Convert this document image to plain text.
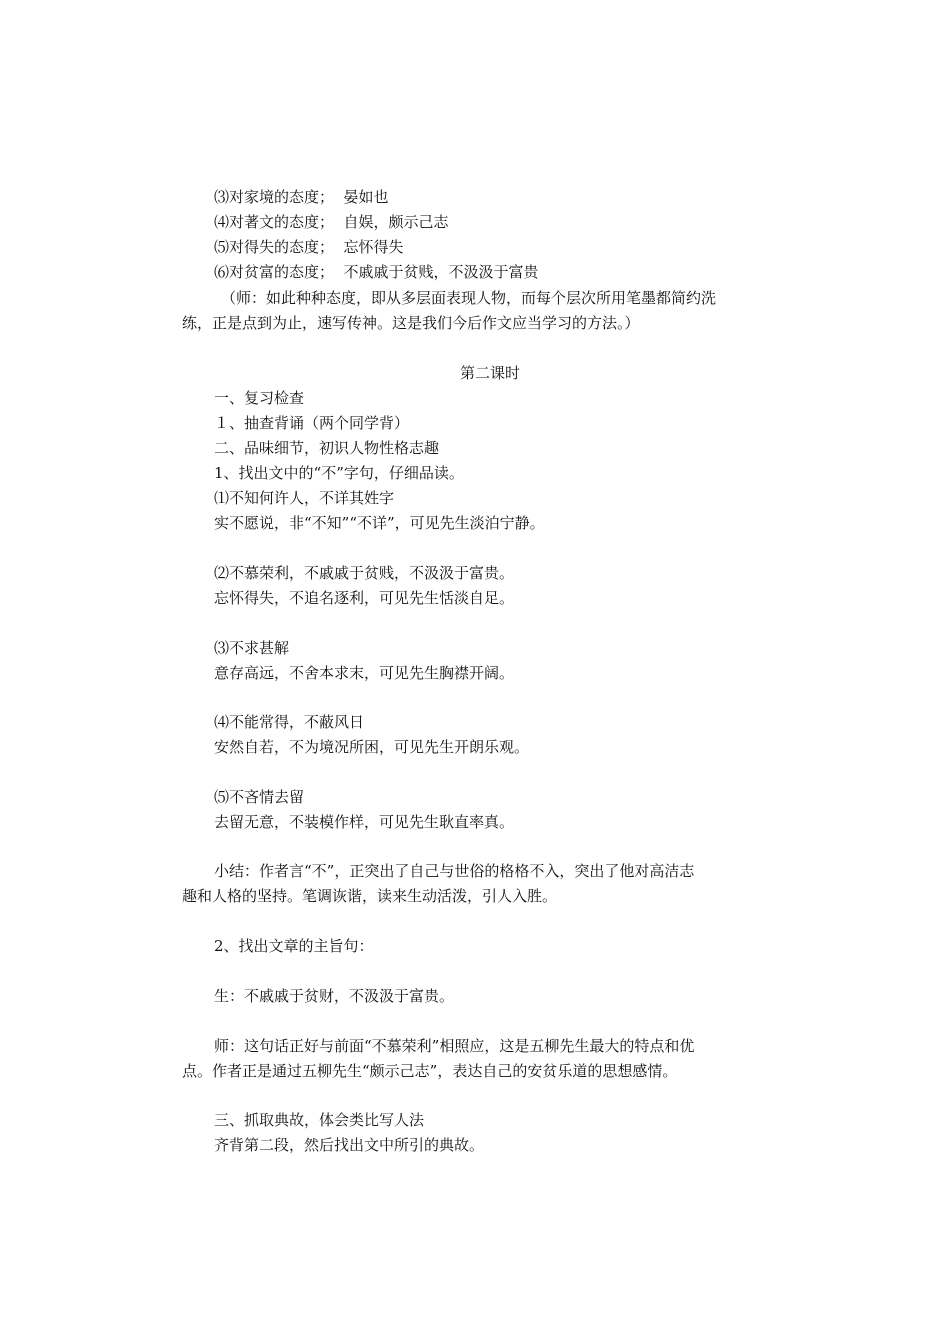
⑶对家境的态度；  晏如也
⑷对著文的态度；  自娱，颇示己志
⑸对得失的态度；  忘怀得失
⑹对贫富的态度；  不戚戚于贫贱，不汲汲于富贵
（师：如此种种态度，即从多层面表现人物，而每个层次所用笔墨都简约洗
练，正是点到为止，速写传神。这是我们今后作文应当学习的方法。）
第二课时
一、复习检查
１、抽查背诵（两个同学背）
二、品味细节，初识人物性格志趣
1、找出文中的“不”字句，仔细品读。
⑴不知何许人，不详其姓字
实不愿说，非“不知”“不详”，可见先生淡泊宁静。
⑵不慕荣利，不戚戚于贫贱，不汲汲于富贵。
忘怀得失，不追名逐利，可见先生恬淡自足。
⑶不求甚解
意存高远，不舍本求末，可见先生胸襟开阔。
⑷不能常得，不蔽风日
安然自若，不为境况所困，可见先生开朗乐观。
⑸不吝情去留
去留无意，不装模作样，可见先生耿直率真。
小结：作者言“不”，正突出了自己与世俗的格格不入，突出了他对高洁志
趣和人格的坚持。笔调诙谐，读来生动活泼，引人入胜。
2、找出文章的主旨句：
生：不戚戚于贫财，不汲汲于富贵。
师：这句话正好与前面“不慕荣利”相照应，这是五柳先生最大的特点和优
点。作者正是通过五柳先生“颇示己志”，表达自己的安贫乐道的思想感情。
三、抓取典故，体会类比写人法
齐背第二段，然后找出文中所引的典故。
